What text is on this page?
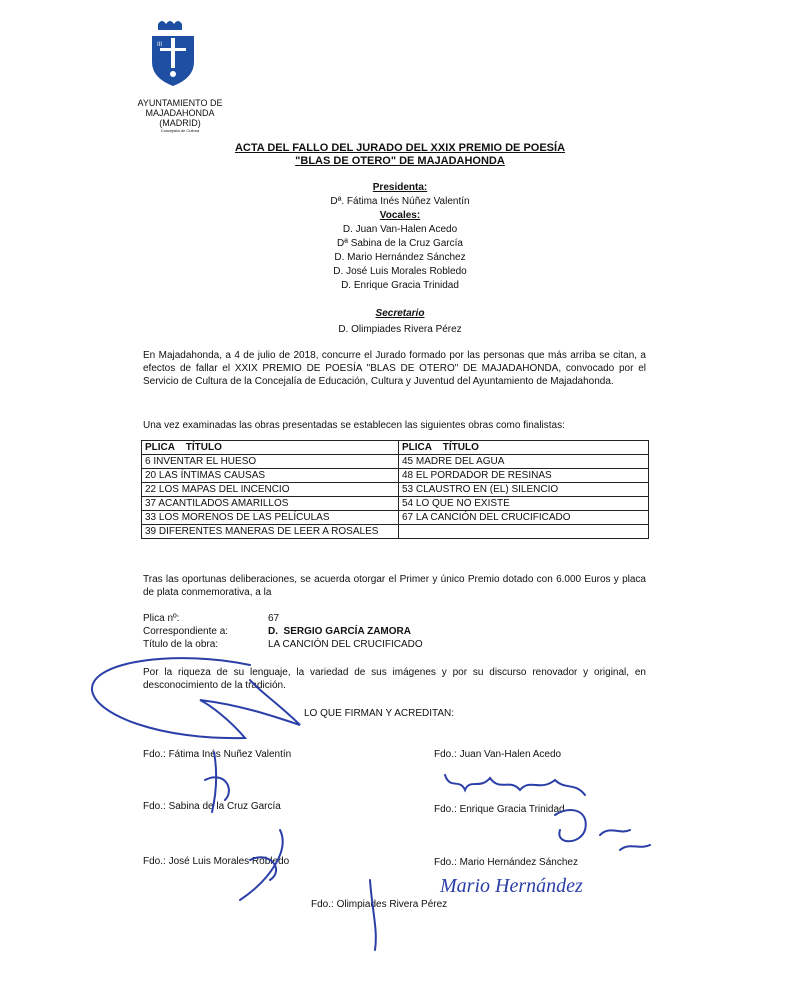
III
AYUNTAMIENTO DE
MAJADAHONDA
(MADRID)
Concejalía de Cultura
ACTA DEL FALLO DEL JURADO DEL XXIX PREMIO DE POESÍA
"BLAS DE OTERO" DE MAJADAHONDA
Presidenta:
Dª. Fátima Inés Núñez Valentín
Vocales:
D. Juan Van-Halen Acedo
Dª Sabina de la Cruz García
D. Mario Hernández Sánchez
D. José Luis Morales Robledo
D. Enrique Gracia Trinidad
Secretario
D. Olimpiades Rivera Pérez
En Majadahonda, a 4 de julio de 2018, concurre el Jurado formado por las personas que más arriba se citan, a efectos de fallar el XXIX PREMIO DE POESÍA "BLAS DE OTERO" DE MAJADAHONDA, convocado por el Servicio de Cultura de la Concejalía de Educación, Cultura y Juventud del Ayuntamiento de Majadahonda.
Una vez examinadas las obras presentadas se establecen las siguientes obras como finalistas:
PLICA    TÍTULO	PLICA    TÍTULO
6 INVENTAR EL HUESO	45 MADRE DEL AGUA
20 LAS ÍNTIMAS CAUSAS	48 EL PORDADOR DE RESINAS
22 LOS MAPAS DEL INCENCIO	53 CLAUSTRO EN (EL) SILENCIO
37 ACANTILADOS AMARILLOS	54 LO QUE NO EXISTE
33 LOS MORENOS DE LAS PELÍCULAS	67 LA CANCIÓN DEL CRUCIFICADO
39 DIFERENTES MANERAS DE LEER A ROSALES	
Tras las oportunas deliberaciones, se acuerda otorgar el Primer y único Premio dotado con 6.000 Euros y placa de plata conmemorativa, a la
Plica nº:	67
Correspondiente a:	D.  SERGIO GARCÍA ZAMORA
Título de la obra:	LA CANCIÓN DEL CRUCIFICADO
Por la riqueza de su lenguaje, la variedad de sus imágenes y por su discurso renovador y original, en desconocimiento de la tradición.
LO QUE FIRMAN Y ACREDITAN:
Fdo.: Fátima Inés Nuñez Valentín	Fdo.: Juan Van-Halen Acedo
Fdo.: Sabina de la Cruz García	Fdo.: Enrique Gracia Trinidad
Fdo.: José Luis Morales Robledo	Fdo.: Mario Hernández Sánchez
Fdo.: Olimpiades Rivera Pérez
Mario Hernández
